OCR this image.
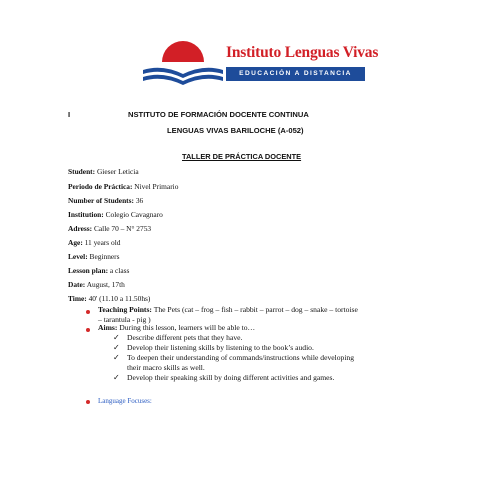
Instituto Lenguas Vivas
EDUCACIÓN A DISTANCIA
I	NSTITUTO DE FORMACIÓN DOCENTE CONTINUA
LENGUAS VIVAS BARILOCHE (A-052)
TALLER DE PRÁCTICA DOCENTE
Student: Gieser Leticia
Periodo de Práctica: Nivel Primario
Number of Students: 36
Institution: Colegio Cavagnaro
Adress: Calle 70 – N° 2753
Age: 11 years old
Level: Beginners
Lesson plan: a class
Date: August, 17th
Time: 40' (11.10 a 11.50hs)
Teaching Points: The Pets (cat – frog – fish – rabbit – parrot – dog – snake – tortoise
– tarantula - pig )
Aims: During this lesson, learners will be able to…
✓ Describe different pets that they have.
✓ Develop their listening skills by listening to the book’s audio.
✓ To deepen their understanding of commands/instructions while developing
their macro skills as well.
✓ Develop their speaking skill by doing different activities and games.
Language Focuses:
